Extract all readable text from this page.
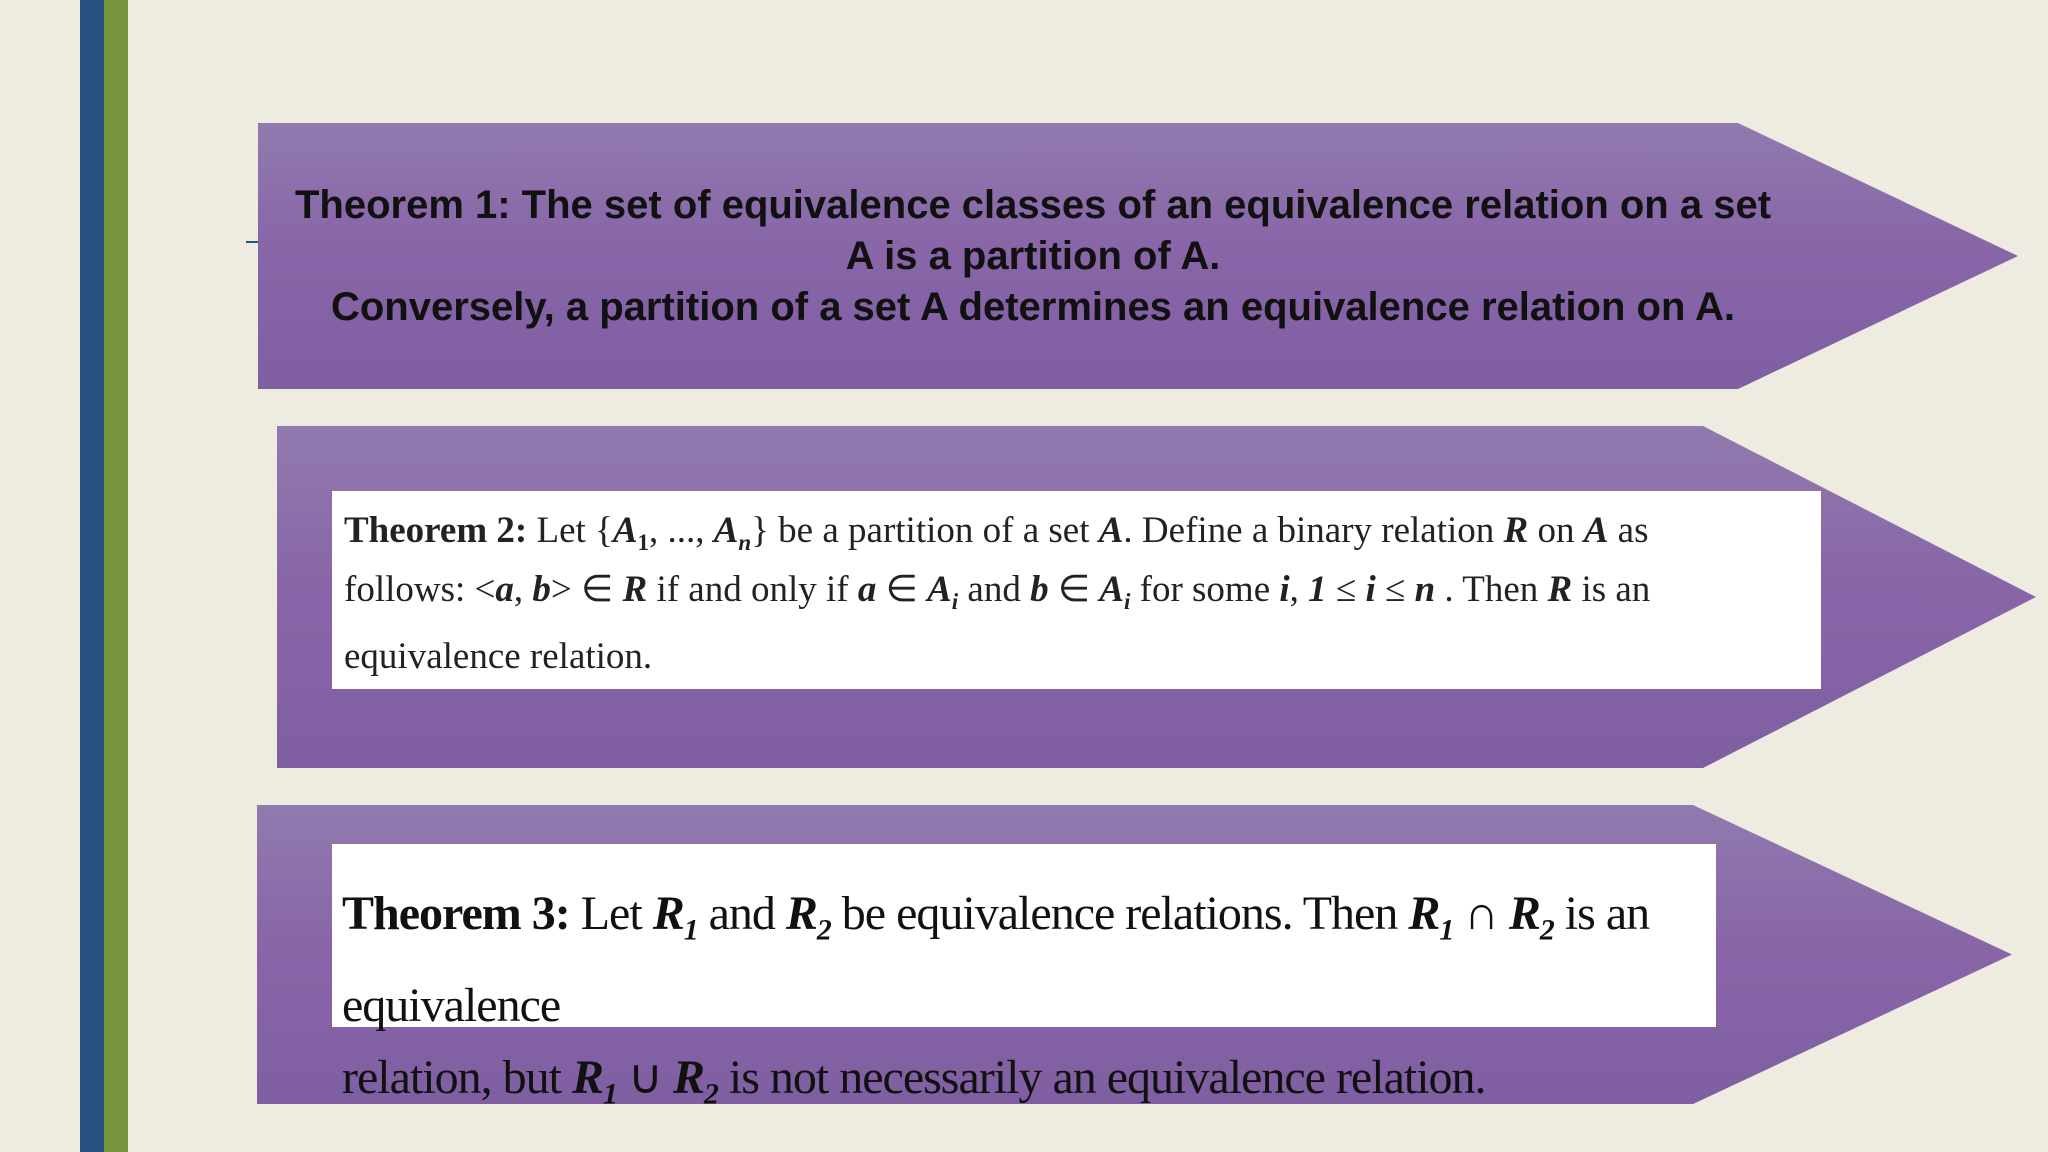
Theorem 1: The set of equivalence classes of an equivalence relation on a set
A is a partition of A.
Conversely, a partition of a set A determines an equivalence relation on A.
Theorem 2: Let {$A_1$, ..., $A_n$} be a partition of a set A. Define a binary relation R on A as
follows: <a, b> ∈ R if and only if a ∈ $A_i$ and b ∈ $A_i$ for some i, 1 ≤ i ≤ n . Then R is an
equivalence relation.
Theorem 3: Let $R_1$ and $R_2$ be equivalence relations. Then $R_1$ ∩ $R_2$ is an equivalence
relation, but $R_1$ ∪ $R_2$ is not necessarily an equivalence relation.
